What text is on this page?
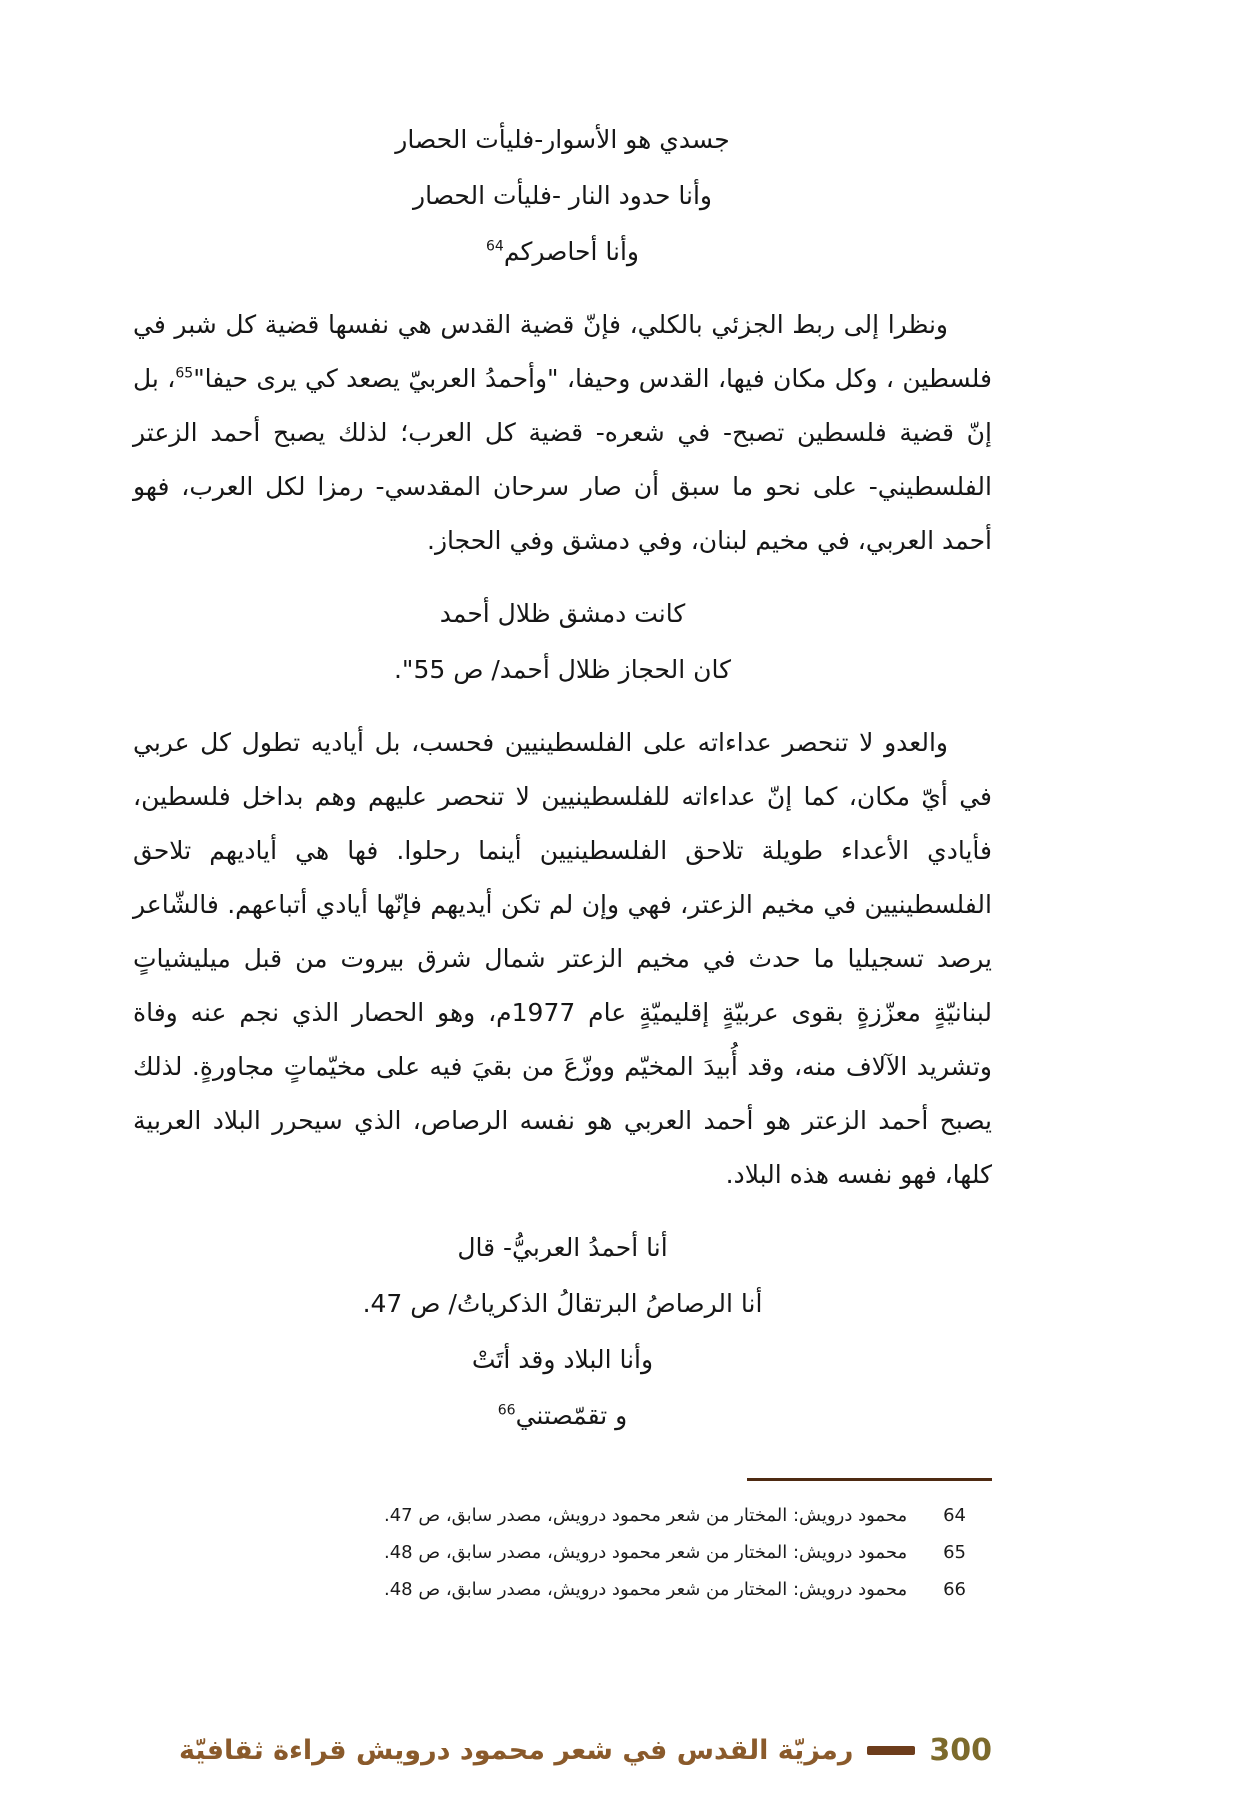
جسدي هو الأسوار-فليأت الحصار
وأنا حدود النار -فليأت الحصار
وأنا أحاصركم$^{64}$

ونظرا إلى ربط الجزئي بالكلي، فإنّ قضية القدس هي نفسها قضية كل شبر في فلسطين ، وكل مكان فيها، القدس وحيفا، "وأحمدُ العربيّ يصعد كي يرى حيفا"$^{65}$، بل إنّ قضية فلسطين تصبح- في شعره- قضية كل العرب؛ لذلك يصبح أحمد الزعتر الفلسطيني- على نحو ما سبق أن صار سرحان المقدسي- رمزا لكل العرب، فهو أحمد العربي، في مخيم لبنان، وفي دمشق وفي الحجاز.

كانت دمشق ظلال أحمد
كان الحجاز ظلال أحمد/ ص 55".

والعدو لا تنحصر عداءاته على الفلسطينيين فحسب، بل أياديه تطول كل عربي في أيّ مكان، كما إنّ عداءاته للفلسطينيين لا تنحصر عليهم وهم بداخل فلسطين، فأيادي الأعداء طويلة تلاحق الفلسطينيين أينما رحلوا. فها هي أياديهم تلاحق الفلسطينيين في مخيم الزعتر، فهي وإن لم تكن أيديهم فإنّها أيادي أتباعهم. فالشّاعر يرصد تسجيليا ما حدث في مخيم الزعتر شمال شرق بيروت من قبل ميليشياتٍ لبنانيّةٍ معزّزةٍ بقوى عربيّةٍ إقليميّةٍ عام 1977م، وهو الحصار الذي نجم عنه وفاة وتشريد الآلاف منه، وقد أُبيدَ المخيّم ووزّعَ من بقيَ فيه على مخيّماتٍ مجاورةٍ. لذلك يصبح أحمد الزعتر هو أحمد العربي هو نفسه الرصاص، الذي سيحرر البلاد العربية كلها، فهو نفسه هذه البلاد.

أنا أحمدُ العربيُّ- قال
أنا الرصاصُ البرتقالُ الذكرياتُ/ ص 47.
وأنا البلاد وقد أتَتْ
و تقمّصتني$^{66}$
64
محمود درويش: المختار من شعر محمود درويش، مصدر سابق، ص 47.
65
محمود درويش: المختار من شعر محمود درويش، مصدر سابق، ص 48.
66
محمود درويش: المختار من شعر محمود درويش، مصدر سابق، ص 48.
300
رمزيّة القدس في شعر محمود درويش قراءة ثقافيّة
